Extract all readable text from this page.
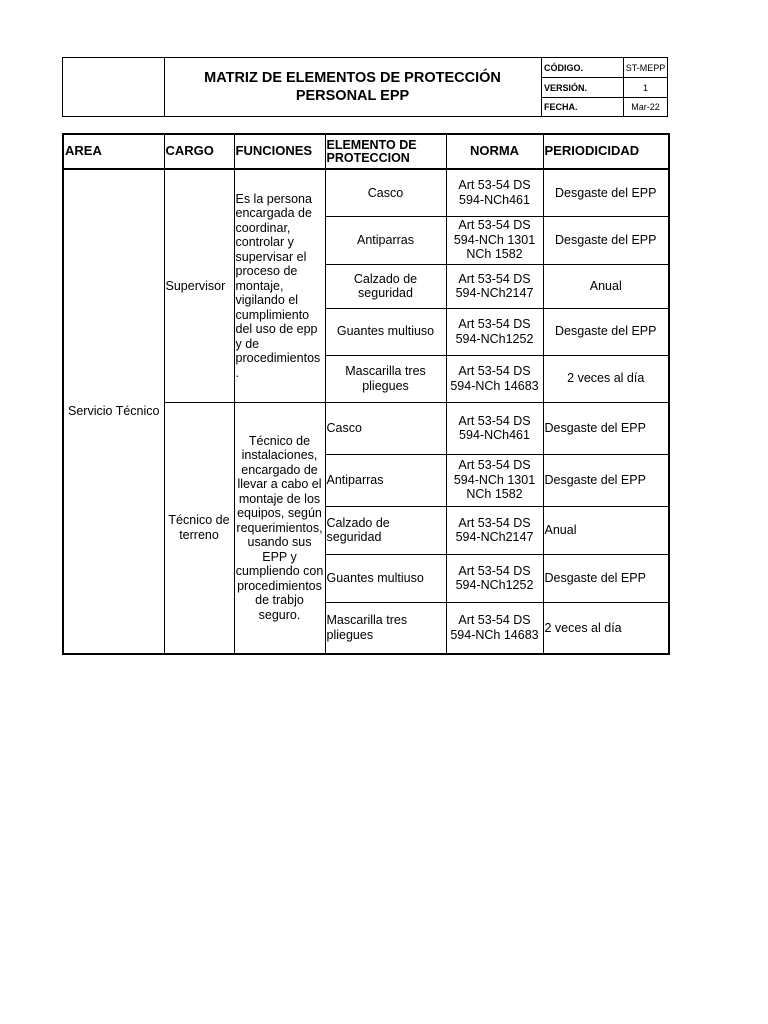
MATRIZ DE ELEMENTOS DE PROTECCIÓN PERSONAL EPP
CÓDIGO.	ST-MEPP
VERSIÓN.	1
FECHA.	Mar-22
AREA	CARGO	FUNCIONES	ELEMENTO DE PROTECCION	NORMA	PERIODICIDAD
Servicio Técnico	Supervisor	Es la persona encargada de coordinar, controlar y supervisar el proceso de montaje, vigilando el cumplimiento del uso de epp y de procedimientos .	Casco	Art 53-54 DS 594-NCh461	Desgaste del EPP
			Antiparras	Art 53-54 DS 594-NCh 1301 NCh 1582	Desgaste del EPP
			Calzado de seguridad	Art 53-54 DS 594-NCh2147	Anual
			Guantes multiuso	Art 53-54 DS 594-NCh1252	Desgaste del EPP
			Mascarilla tres pliegues	Art 53-54 DS 594-NCh 14683	2 veces al día
	Técnico de terreno	Técnico de instalaciones, encargado de llevar a cabo el montaje de los equipos, según requerimientos, usando sus EPP y cumpliendo con procedimientos de trabjo seguro.	Casco	Art 53-54 DS 594-NCh461	Desgaste del EPP
			Antiparras	Art 53-54 DS 594-NCh 1301 NCh 1582	Desgaste del EPP
			Calzado de seguridad	Art 53-54 DS 594-NCh2147	Anual
			Guantes multiuso	Art 53-54 DS 594-NCh1252	Desgaste del EPP
			Mascarilla tres pliegues	Art 53-54 DS 594-NCh 14683	2 veces al día
